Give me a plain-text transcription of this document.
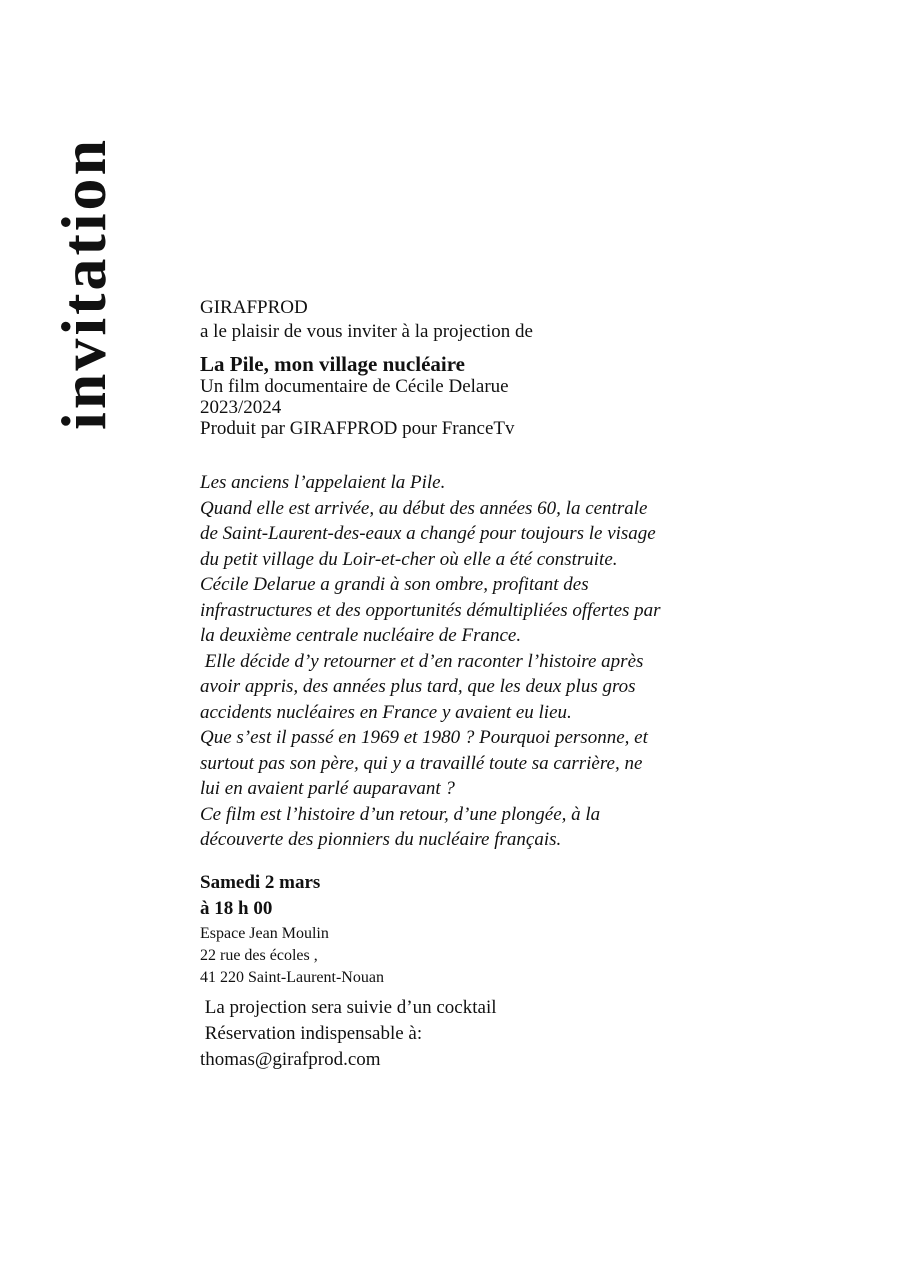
invitation	GIRAFPROD
a le plaisir de vous inviter à la projection de
La Pile, mon village nucléaire
Un film documentaire de Cécile Delarue
2023/2024
Produit par GIRAFPROD pour FranceTv
Les anciens l’appelaient la Pile.
Quand elle est arrivée, au début des années 60, la centrale
de Saint-Laurent-des-eaux a changé pour toujours le visage
du petit village du Loir-et-cher où elle a été construite.
Cécile Delarue a grandi à son ombre, profitant des
infrastructures et des opportunités démultipliées offertes par
la deuxième centrale nucléaire de France.
Elle décide d’y retourner et d’en raconter l’histoire après
avoir appris, des années plus tard, que les deux plus gros
accidents nucléaires en France y avaient eu lieu.
Que s’est il passé en 1969 et 1980 ? Pourquoi personne, et
surtout pas son père, qui y a travaillé toute sa carrière, ne
lui en avaient parlé auparavant ?
Ce film est l’histoire d’un retour, d’une plongée, à la
découverte des pionniers du nucléaire français.
Samedi 2 mars
à 18 h 00
Espace Jean Moulin
22 rue des écoles ,
41 220 Saint-Laurent-Nouan
La projection sera suivie d’un cocktail
Réservation indispensable à:
thomas@girafprod.com
